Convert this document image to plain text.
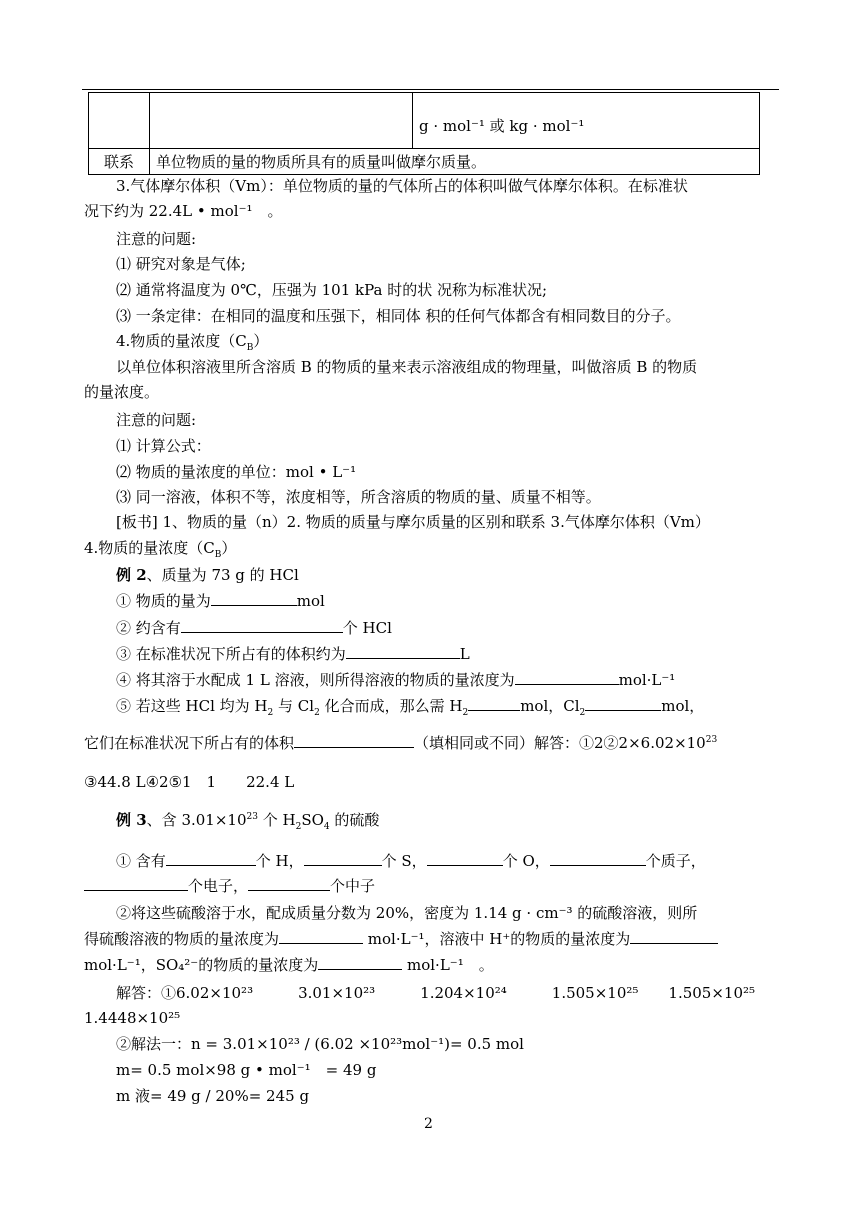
		g · mol⁻¹ 或 kg · mol⁻¹
联系	单位物质的量的物质所具有的质量叫做摩尔质量。	
3.气体摩尔体积（Vm）：单位物质的量的气体所占的体积叫做气体摩尔体积。在标准状
况下约为 22.4L • mol⁻¹　。
注意的问题:
⑴ 研究对象是气体;
⑵ 通常将温度为 0℃，压强为 101 kPa 时的状 况称为标准状况;
⑶ 一条定律：在相同的温度和压强下，相同体 积的任何气体都含有相同数目的分子。
4.物质的量浓度$(C_B)$
以单位体积溶液里所含溶质 B 的物质的量来表示溶液组成的物理量，叫做溶质 B 的物质
的量浓度。
注意的问题:
⑴ 计算公式：
⑵ 物质的量浓度的单位：mol • L⁻¹
⑶ 同一溶液，体积不等，浓度相等，所含溶质的物质的量、质量不相等。
[板书] 1、物质的量（n）2. 物质的质量与摩尔质量的区别和联系 3.气体摩尔体积（Vm）
4.物质的量浓度$(C_B)$
例 2、质量为 73 g 的 HCl
① 物质的量为	mol
② 约含有	个 HCl
③ 在标准状况下所占有的体积约为	L
④ 将其溶于水配成 1 L 溶液，则所得溶液的物质的量浓度为	mol·L⁻¹
⑤ 若这些 HCl 均为 $H_2$ 与 $Cl_2$ 化合而成，那么需 $H_2$	mol，$Cl_2$	mol，
它们在标准状况下所占有的体积	（填相同或不同）解答：$①2②2\times 6.02\times 10^{23}$
③44.8 L④2⑤1　1　　22.4 L
例 3、含 $3.01\times 10^{23}$ 个 $H_2SO_4$ 的硫酸
① 含有	个 H，	个 S，	个 O，	个质子，
个电子，	个中子
②将这些硫酸溶于水，配成质量分数为 20%，密度为 1.14 g · cm⁻³ 的硫酸溶液，则所
得硫酸溶液的物质的量浓度为	mol·L⁻¹，溶液中 H⁺的物质的量浓度为
mol·L⁻¹，SO₄²⁻的物质的量浓度为	mol·L⁻¹　。
解答：①6.02×10²³　　　3.01×10²³　　　1.204×10²⁴　　　1.505×10²⁵　　1.505×10²⁵
1.4448×10²⁵
②解法一：n = 3.01×10²³ / (6.02 ×10²³mol⁻¹)= 0.5 mol
m= 0.5 mol×98 g • mol⁻¹　= 49 g
m 液= 49 g / 20%= 245 g
2
